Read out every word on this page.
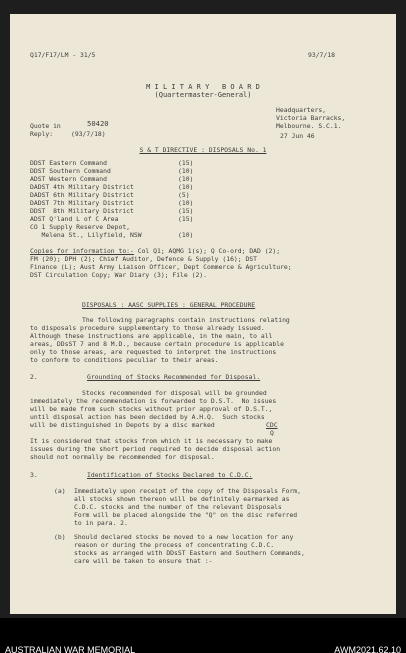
Q17/F17/LM - 31/5	93/7/18
M I L I T A R Y   B O A R D
(Quartermaster-General)
Headquarters,
Victoria Barracks,
Melbourne. S.C.1.
Quote in	50420
Reply:	(93/7/18)	27 Jun 46
S & T DIRECTIVE : DISPOSALS No. 1
DDST Eastern Command	(15)
DDST Southern Command	(10)
ADST Western Command	(10)
DADST 4th Military District	(10)
DADST 6th Military District	(5)
DADST 7th Military District	(10)
DDST  8th Military District	(15)
ADST Q'land L of C Area	(15)
CO 1 Supply Reserve Depot,
Melena St., Lilyfield, NSW	(10)
Copies for information to:- Col Q1; AQMG 1(s); Q Co-ord; DAD (2);
FM (20); DPH (2); Chief Auditor, Defence & Supply (16); DST
Finance (L); Aust Army Liaison Officer, Dept Commerce & Agriculture;
DST Circulation Copy; War Diary (3); File (2).
DISPOSALS : AASC SUPPLIES : GENERAL PROCEDURE
The following paragraphs contain instructions relating
to disposals procedure supplementary to those already issued.
Although these instructions are applicable, in the main, to all
areas, DDsST 7 and 8 M.D., because certain procedure is applicable
only to those areas, are requested to interpret the instructions
to conform to conditions peculiar to their areas.
2.	Grounding of Stocks Recommended for Disposal.
Stocks recommended for disposal will be grounded
immediately the recommendation is forwarded to D.S.T.  No issues
will be made from such stocks without prior approval of D.S.T.,
until disposal action has been decided by A.H.Q.  Such stocks
will be distinguished in Depots by a disc marked	CDC
Q
It is considered that stocks from which it is necessary to make
issues during the short period required to decide disposal action
should not normally be recommended for disposal.
3.	Identification of Stocks Declared to C.D.C.
(a) Immediately upon receipt of the copy of the Disposals Form,
all stocks shown thereon will be definitely earmarked as
C.D.C. stocks and the number of the relevant Disposals
Form will be placed alongside the "Q" on the disc referred
to in para. 2.
(b) Should declared stocks be moved to a new location for any
reason or during the process of concentrating C.D.C.
stocks as arranged with DDsST Eastern and Southern Commands,
care will be taken to ensure that :-
AUSTRALIAN WAR MEMORIAL	AWM2021.62.10
